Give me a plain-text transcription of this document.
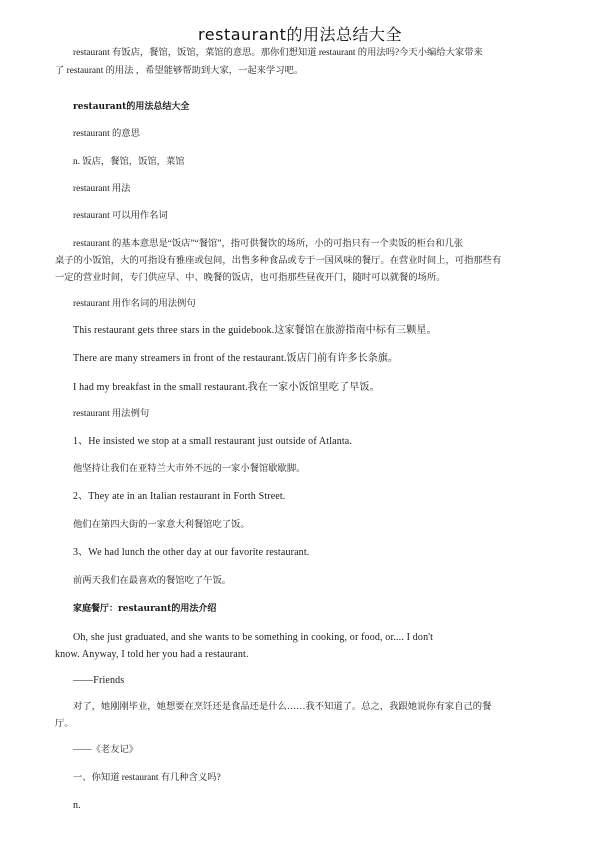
restaurant的用法总结大全

restaurant 有饭店，餐馆，饭馆，菜馆的意思。那你们想知道 restaurant 的用法吗?今天小编给大家带来

了 restaurant 的用法 ，希望能够帮助到大家，一起来学习吧。

restaurant的用法总结大全

restaurant 的意思

n. 饭店，餐馆，饭馆，菜馆

restaurant 用法

restaurant 可以用作名词

restaurant 的基本意思是“饭店”“餐馆”，指可供餐饮的场所，小的可指只有一个卖饭的柜台和几张

桌子的小饭馆，大的可指设有雅座或包间，出售多种食品或专于一国风味的餐厅。在营业时间上，可指那些有

一定的营业时间，专门供应早、中、晚餐的饭店，也可指那些昼夜开门，随时可以就餐的场所。

restaurant 用作名词的用法例句

This restaurant gets three stars in the guidebook.这家餐馆在旅游指南中标有三颗星。

There are many streamers in front of the restaurant.饭店门前有许多长条旗。

I had my breakfast in the small restaurant.我在一家小饭馆里吃了早饭。

restaurant 用法例句

1、He insisted we stop at a small restaurant just outside of Atlanta.

他坚持让我们在亚特兰大市外不远的一家小餐馆歇歇脚。

2、They ate in an Italian restaurant in Forth Street.

他们在第四大街的一家意大利餐馆吃了饭。

3、We had lunch the other day at our favorite restaurant.

前两天我们在最喜欢的餐馆吃了午饭。

家庭餐厅：restaurant的用法介绍

Oh, she just graduated, and she wants to be something in cooking, or food, or.... I don't

know. Anyway, I told her you had a restaurant.

——Friends

对了，她刚刚毕业，她想要在烹饪还是食品还是什么……我不知道了。总之，我跟她说你有家自己的餐

厅。

——《老友记》

一、你知道 restaurant 有几种含义吗?

n.
